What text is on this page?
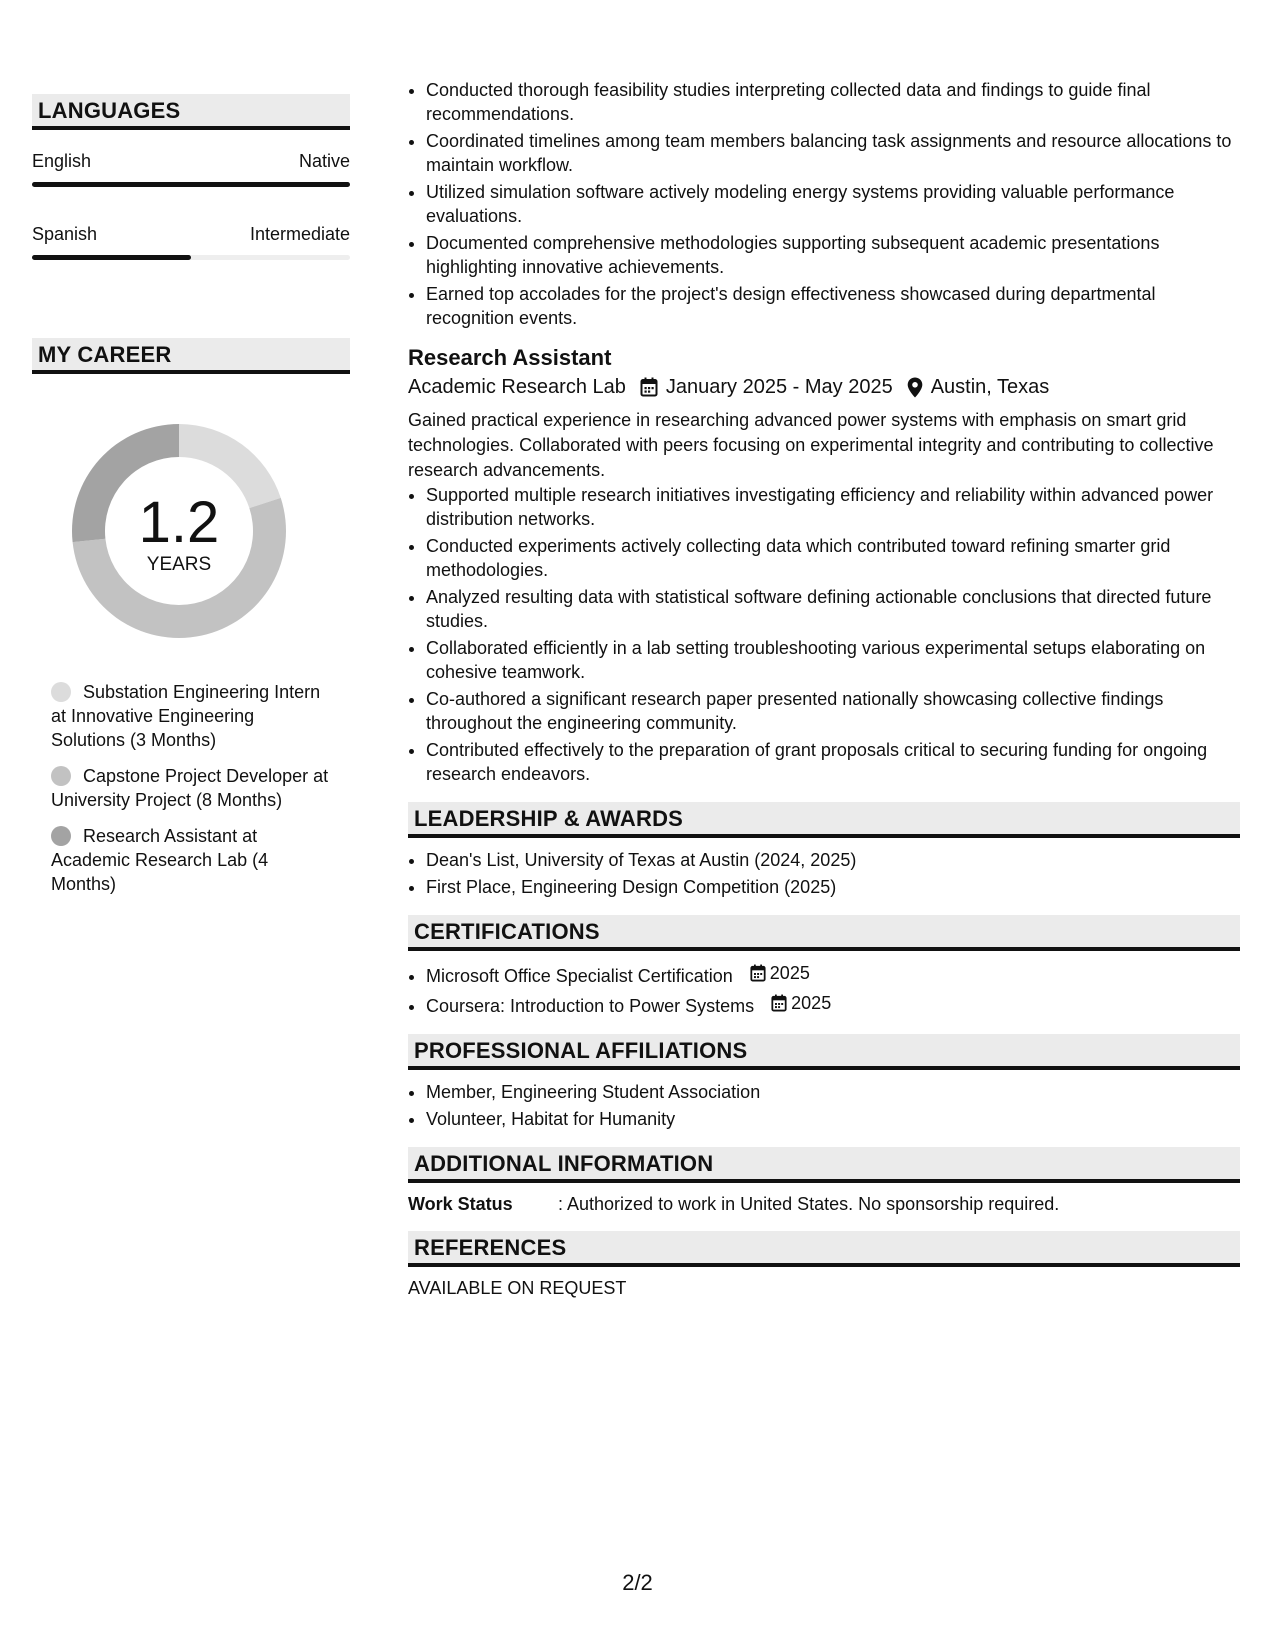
LANGUAGES
English	Native
Spanish	Intermediate
MY CAREER
1.2
YEARS
Substation Engineering Intern at Innovative Engineering Solutions (3 Months)
Capstone Project Developer at University Project (8 Months)
Research Assistant at Academic Research Lab (4 Months)
• Conducted thorough feasibility studies interpreting collected data and findings to guide final recommendations.
• Coordinated timelines among team members balancing task assignments and resource allocations to maintain workflow.
• Utilized simulation software actively modeling energy systems providing valuable performance evaluations.
• Documented comprehensive methodologies supporting subsequent academic presentations highlighting innovative achievements.
• Earned top accolades for the project's design effectiveness showcased during departmental recognition events.
Research Assistant
Academic Research Lab January 2025 - May 2025 Austin, Texas
Gained practical experience in researching advanced power systems with emphasis on smart grid technologies. Collaborated with peers focusing on experimental integrity and contributing to collective research advancements.
• Supported multiple research initiatives investigating efficiency and reliability within advanced power distribution networks.
• Conducted experiments actively collecting data which contributed toward refining smarter grid methodologies.
• Analyzed resulting data with statistical software defining actionable conclusions that directed future studies.
• Collaborated efficiently in a lab setting troubleshooting various experimental setups elaborating on cohesive teamwork.
• Co-authored a significant research paper presented nationally showcasing collective findings throughout the engineering community.
• Contributed effectively to the preparation of grant proposals critical to securing funding for ongoing research endeavors.
LEADERSHIP & AWARDS
• Dean's List, University of Texas at Austin (2024, 2025)
• First Place, Engineering Design Competition (2025)
CERTIFICATIONS
• Microsoft Office Specialist Certification 2025
• Coursera: Introduction to Power Systems 2025
PROFESSIONAL AFFILIATIONS
• Member, Engineering Student Association
• Volunteer, Habitat for Humanity
ADDITIONAL INFORMATION
Work Status	: Authorized to work in United States. No sponsorship required.
REFERENCES
AVAILABLE ON REQUEST
2/2
